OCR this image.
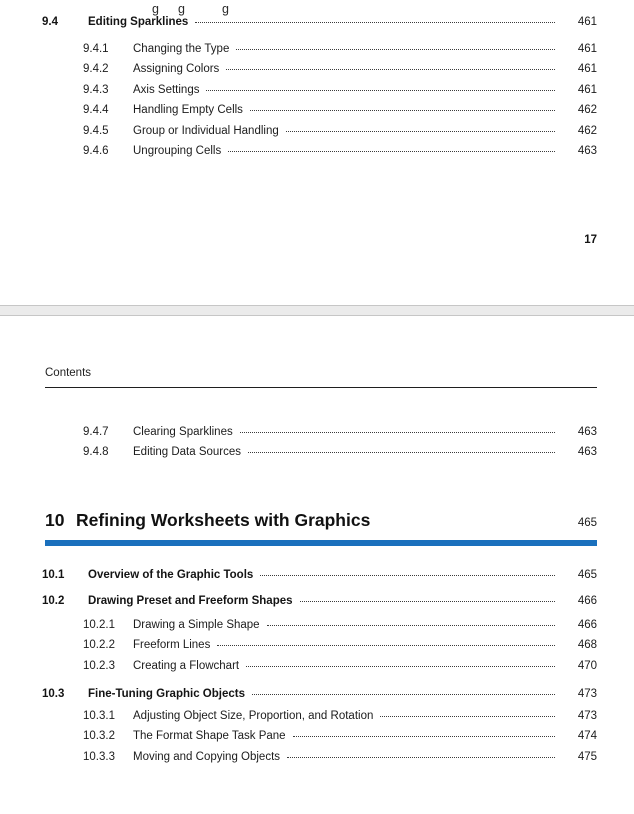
g g	g
9.4	Editing Sparklines	461
9.4.1	Changing the Type	461
9.4.2	Assigning Colors	461
9.4.3	Axis Settings	461
9.4.4	Handling Empty Cells	462
9.4.5	Group or Individual Handling	462
9.4.6	Ungrouping Cells	463
17
Contents
9.4.7	Clearing Sparklines	463
9.4.8	Editing Data Sources	463
10 Refining Worksheets with Graphics	465
10.1	Overview of the Graphic Tools	465
10.2	Drawing Preset and Freeform Shapes	466
10.2.1	Drawing a Simple Shape	466
10.2.2	Freeform Lines	468
10.2.3	Creating a Flowchart	470
10.3	Fine-Tuning Graphic Objects	473
10.3.1	Adjusting Object Size, Proportion, and Rotation	473
10.3.2	The Format Shape Task Pane	474
10.3.3	Moving and Copying Objects	475
